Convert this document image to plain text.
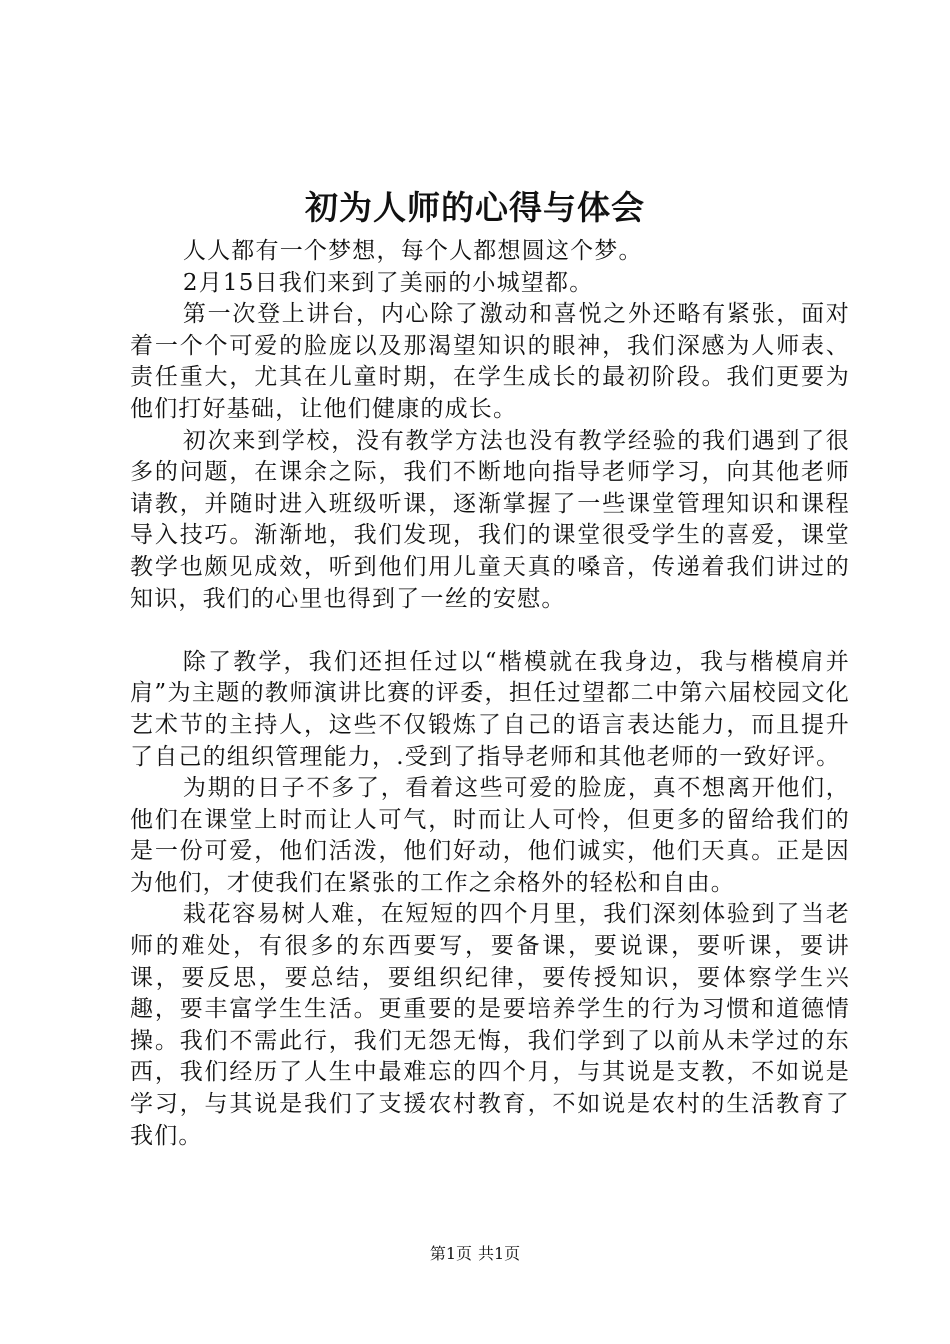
初为人师的心得与体会

人人都有一个梦想，每个人都想圆这个梦。

2月15日我们来到了美丽的小城望都。

第一次登上讲台，内心除了激动和喜悦之外还略有紧张，面对着一个个可爱的脸庞以及那渴望知识的眼神，我们深感为人师表、责任重大，尤其在儿童时期，在学生成长的最初阶段。我们更要为他们打好基础，让他们健康的成长。

初次来到学校，没有教学方法也没有教学经验的我们遇到了很多的问题，在课余之际，我们不断地向指导老师学习，向其他老师请教，并随时进入班级听课，逐渐掌握了一些课堂管理知识和课程导入技巧。渐渐地，我们发现，我们的课堂很受学生的喜爱，课堂教学也颇见成效，听到他们用儿童天真的嗓音，传递着我们讲过的知识，我们的心里也得到了一丝的安慰。

除了教学，我们还担任过以“楷模就在我身边，我与楷模肩并肩”为主题的教师演讲比赛的评委，担任过望都二中第六届校园文化艺术节的主持人，这些不仅锻炼了自己的语言表达能力，而且提升了自己的组织管理能力，.受到了指导老师和其他老师的一致好评。

为期的日子不多了，看着这些可爱的脸庞，真不想离开他们，他们在课堂上时而让人可气，时而让人可怜，但更多的留给我们的是一份可爱，他们活泼，他们好动，他们诚实，他们天真。正是因为他们，才使我们在紧张的工作之余格外的轻松和自由。

栽花容易树人难，在短短的四个月里，我们深刻体验到了当老师的难处，有很多的东西要写，要备课，要说课，要听课，要讲课，要反思，要总结，要组织纪律，要传授知识，要体察学生兴趣，要丰富学生生活。更重要的是要培养学生的行为习惯和道德情操。我们不需此行，我们无怨无悔，我们学到了以前从未学过的东西，我们经历了人生中最难忘的四个月，与其说是支教，不如说是学习，与其说是我们了支援农村教育，不如说是农村的生活教育了我们。

第1页 共1页
